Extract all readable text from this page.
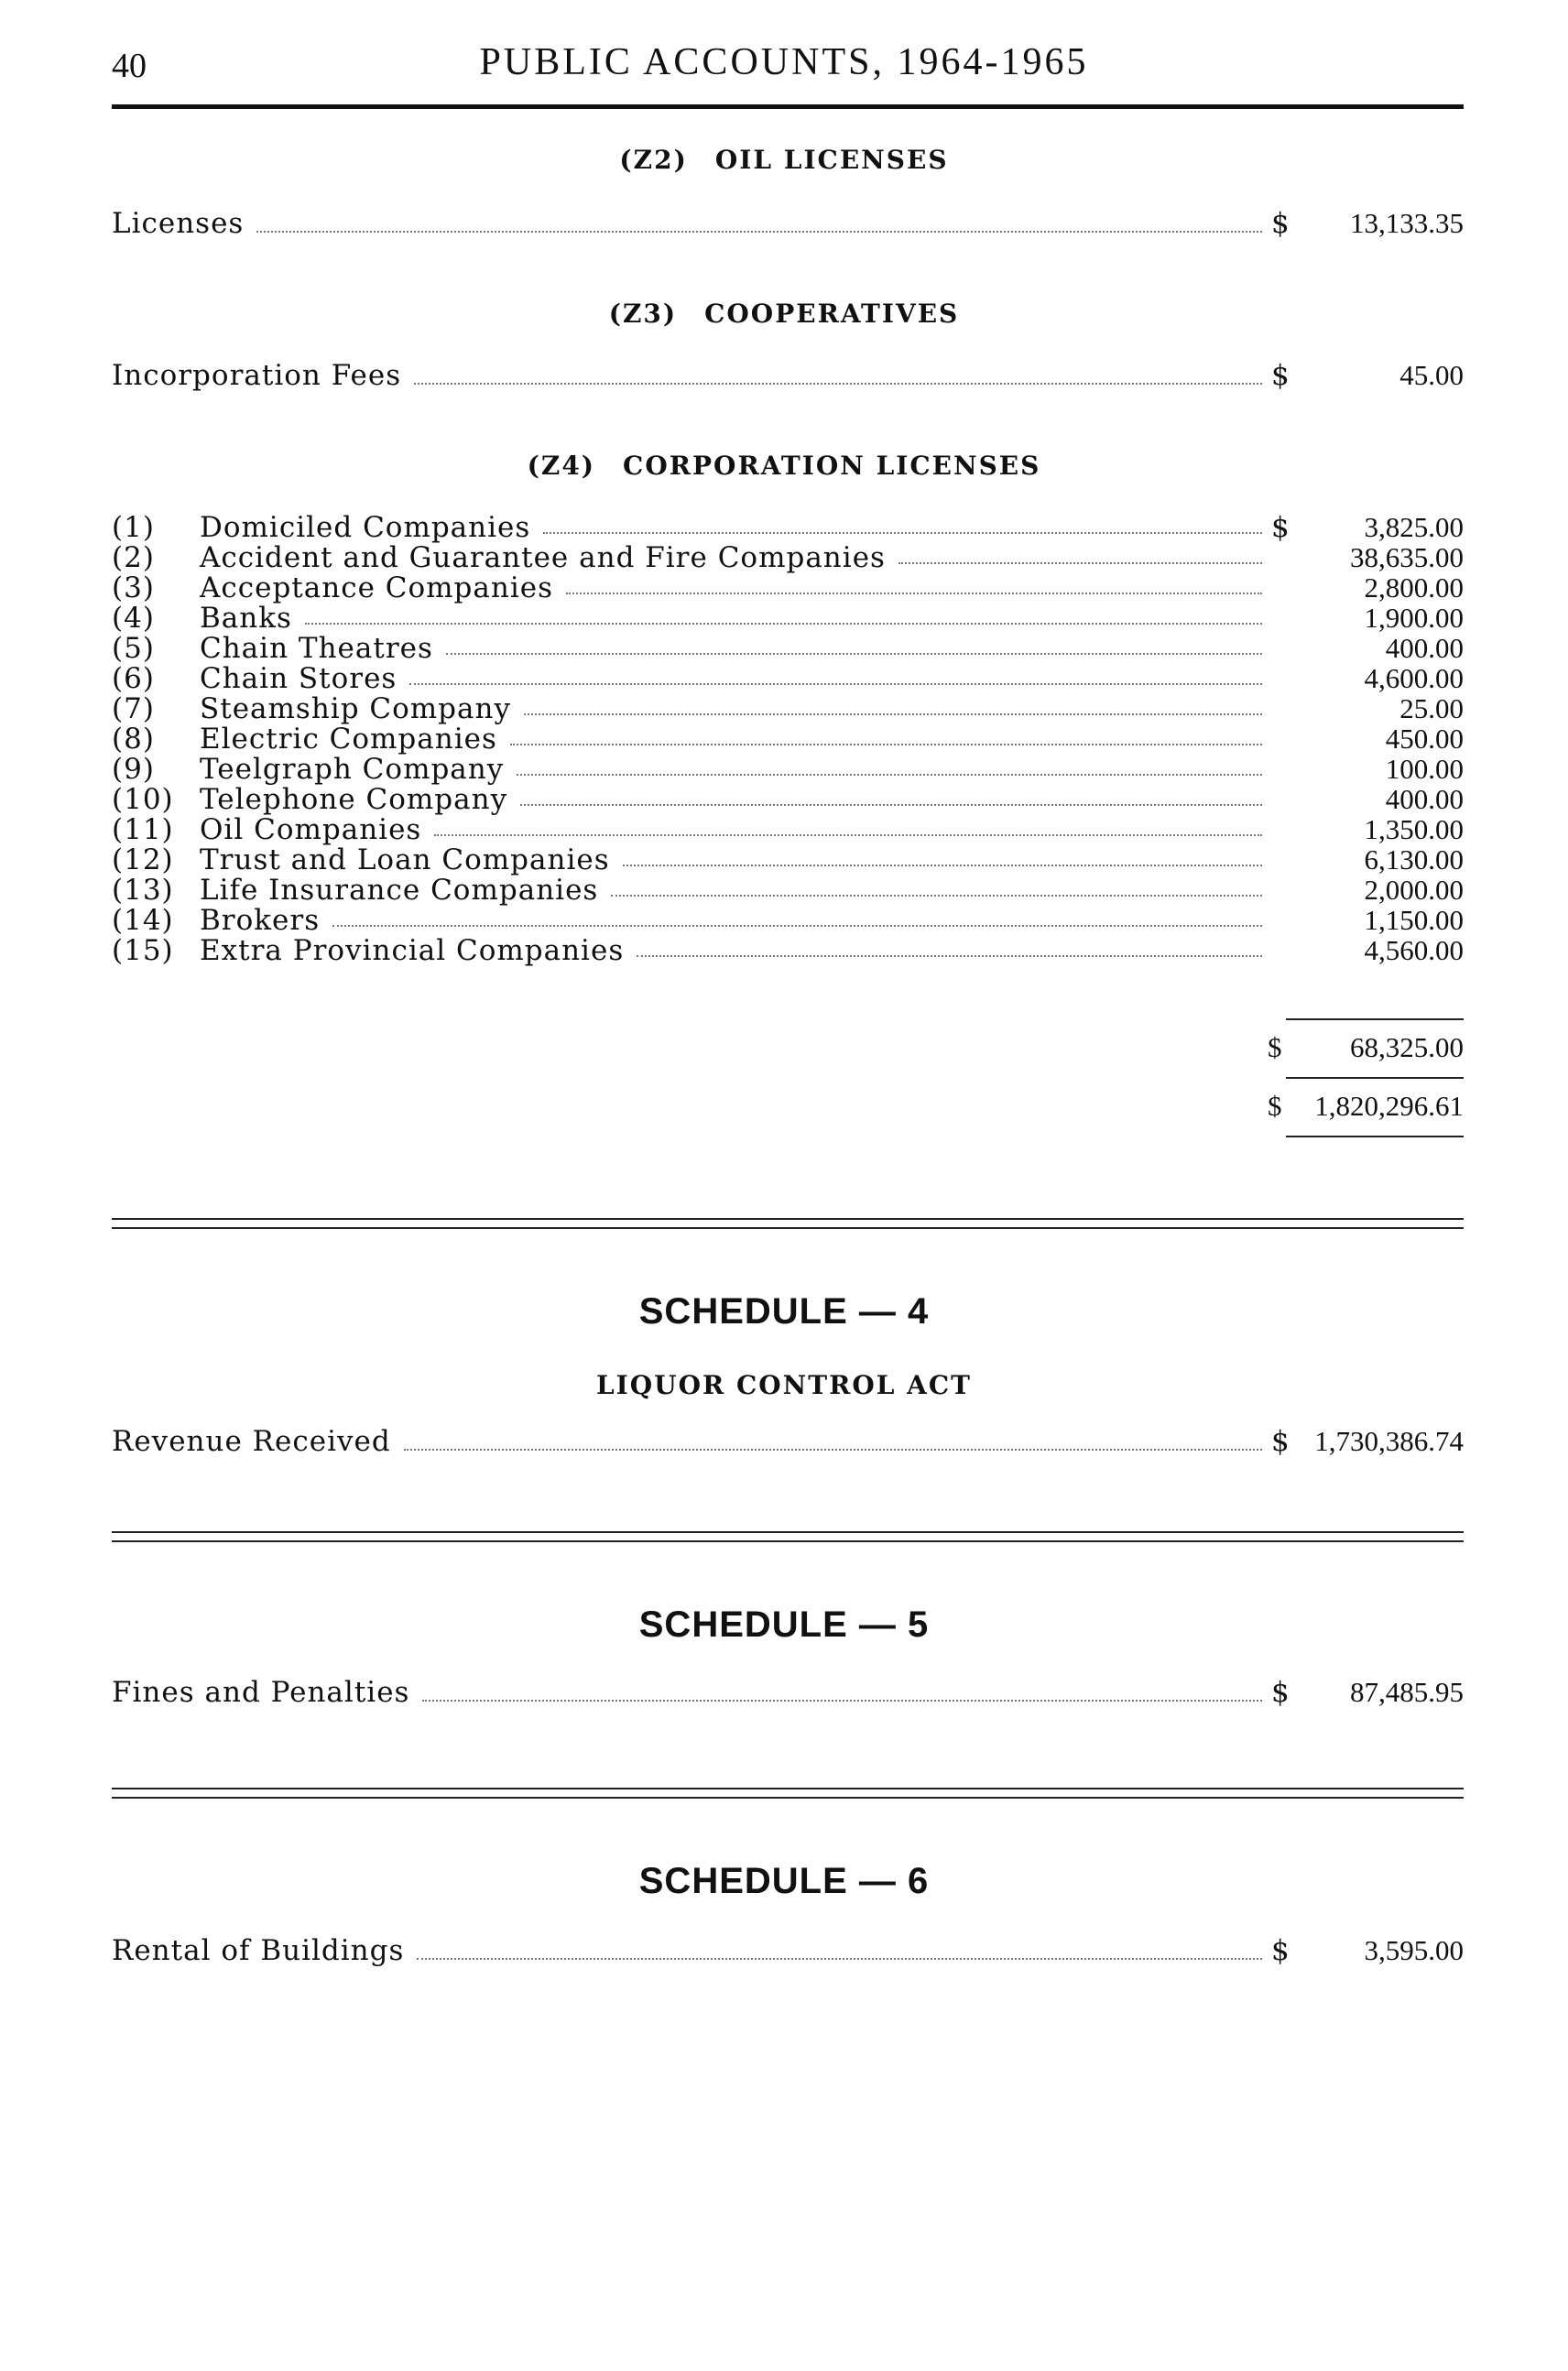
40	PUBLIC ACCOUNTS, 1964-1965
(Z2) OIL LICENSES
Licenses	$	13,133.35
(Z3) COOPERATIVES
Incorporation Fees	$	45.00
(Z4) CORPORATION LICENSES
(1)	Domiciled Companies	$	3,825.00
(2)	Accident and Guarantee and Fire Companies	38,635.00
(3)	Acceptance Companies	2,800.00
(4)	Banks	1,900.00
(5)	Chain Theatres	400.00
(6)	Chain Stores	4,600.00
(7)	Steamship Company	25.00
(8)	Electric Companies	450.00
(9)	Teelgraph Company	100.00
(10) Telephone Company	400.00
(11) Oil Companies	1,350.00
(12) Trust and Loan Companies	6,130.00
(13) Life Insurance Companies	2,000.00
(14) Brokers	1,150.00
(15) Extra Provincial Companies	4,560.00
$	68,325.00
$	1,820,296.61
SCHEDULE — 4
LIQUOR CONTROL ACT
Revenue Received	$ 1,730,386.74
SCHEDULE — 5
Fines and Penalties	$	87,485.95
SCHEDULE — 6
Rental of Buildings	$	3,595.00
